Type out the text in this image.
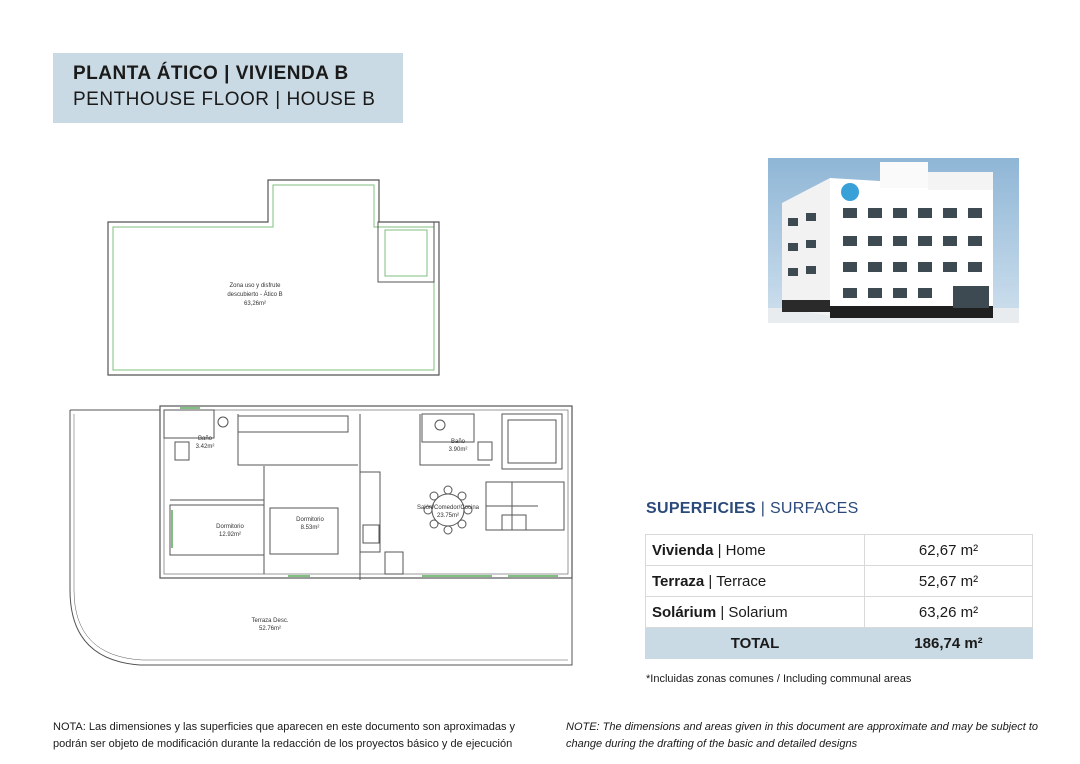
PLANTA ÁTICO | VIVIENDA B
PENTHOUSE FLOOR | HOUSE B
Zona uso y disfrute
descubierto - Ático B
63,26m²
Baño
3.42m²
Baño
3.90m²
Dormitorio
12.92m²
Dormitorio
8.53m²
Salón/Comedor/Cocina
23.75m²
Terraza Desc.
52.76m²
SUPERFICIES | SURFACES
Vivienda | Home	62,67 m²
Terraza | Terrace	52,67 m²
Solárium | Solarium	63,26 m²
TOTAL	186,74 m²
*Incluidas zonas comunes / Including communal areas
NOTA: Las dimensiones y las superficies que aparecen en este documento son aproximadas y podrán ser objeto de modificación durante la redacción de los proyectos básico y de ejecución
NOTE: The dimensions and areas given in this document are approximate and may be subject to change during the drafting of the basic and detailed designs
